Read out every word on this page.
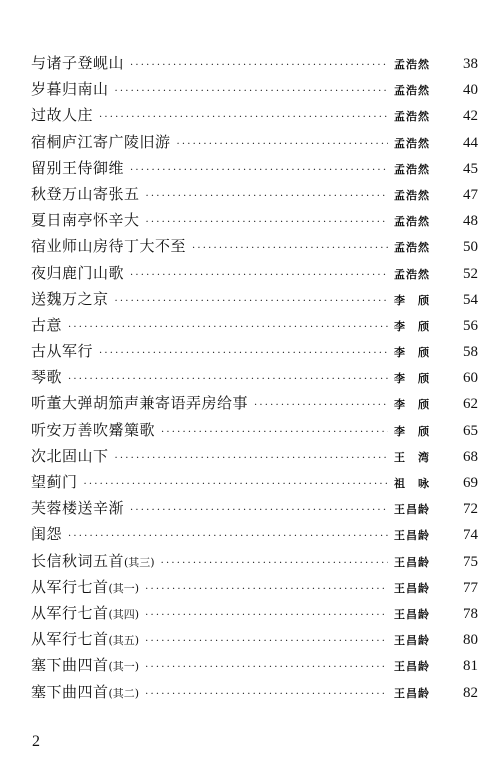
与诸子登岘山 ·····	孟浩然	38
岁暮归南山 ·····	孟浩然	40
过故人庄 ·····	孟浩然	42
宿桐庐江寄广陵旧游 ·····	孟浩然	44
留别王侍御维 ·····	孟浩然	45
秋登万山寄张五 ·····	孟浩然	47
夏日南亭怀辛大 ·····	孟浩然	48
宿业师山房待丁大不至 ·····	孟浩然	50
夜归鹿门山歌 ·····	孟浩然	52
送魏万之京 ·····	李　颀	54
古意 ·····	李　颀	56
古从军行 ·····	李　颀	58
琴歌 ·····	李　颀	60
听董大弹胡笳声兼寄语弄房给事 ·····	李　颀	62
听安万善吹觱篥歌 ·····	李　颀	65
次北固山下 ·····	王　湾	68
望蓟门 ·····	祖　咏	69
芙蓉楼送辛渐 ·····	王昌龄	72
闺怨 ·····	王昌龄	74
长信秋词五首(其三) ·····	王昌龄	75
从军行七首(其一) ·····	王昌龄	77
从军行七首(其四) ·····	王昌龄	78
从军行七首(其五) ·····	王昌龄	80
塞下曲四首(其一) ·····	王昌龄	81
塞下曲四首(其二) ·····	王昌龄	82
2
